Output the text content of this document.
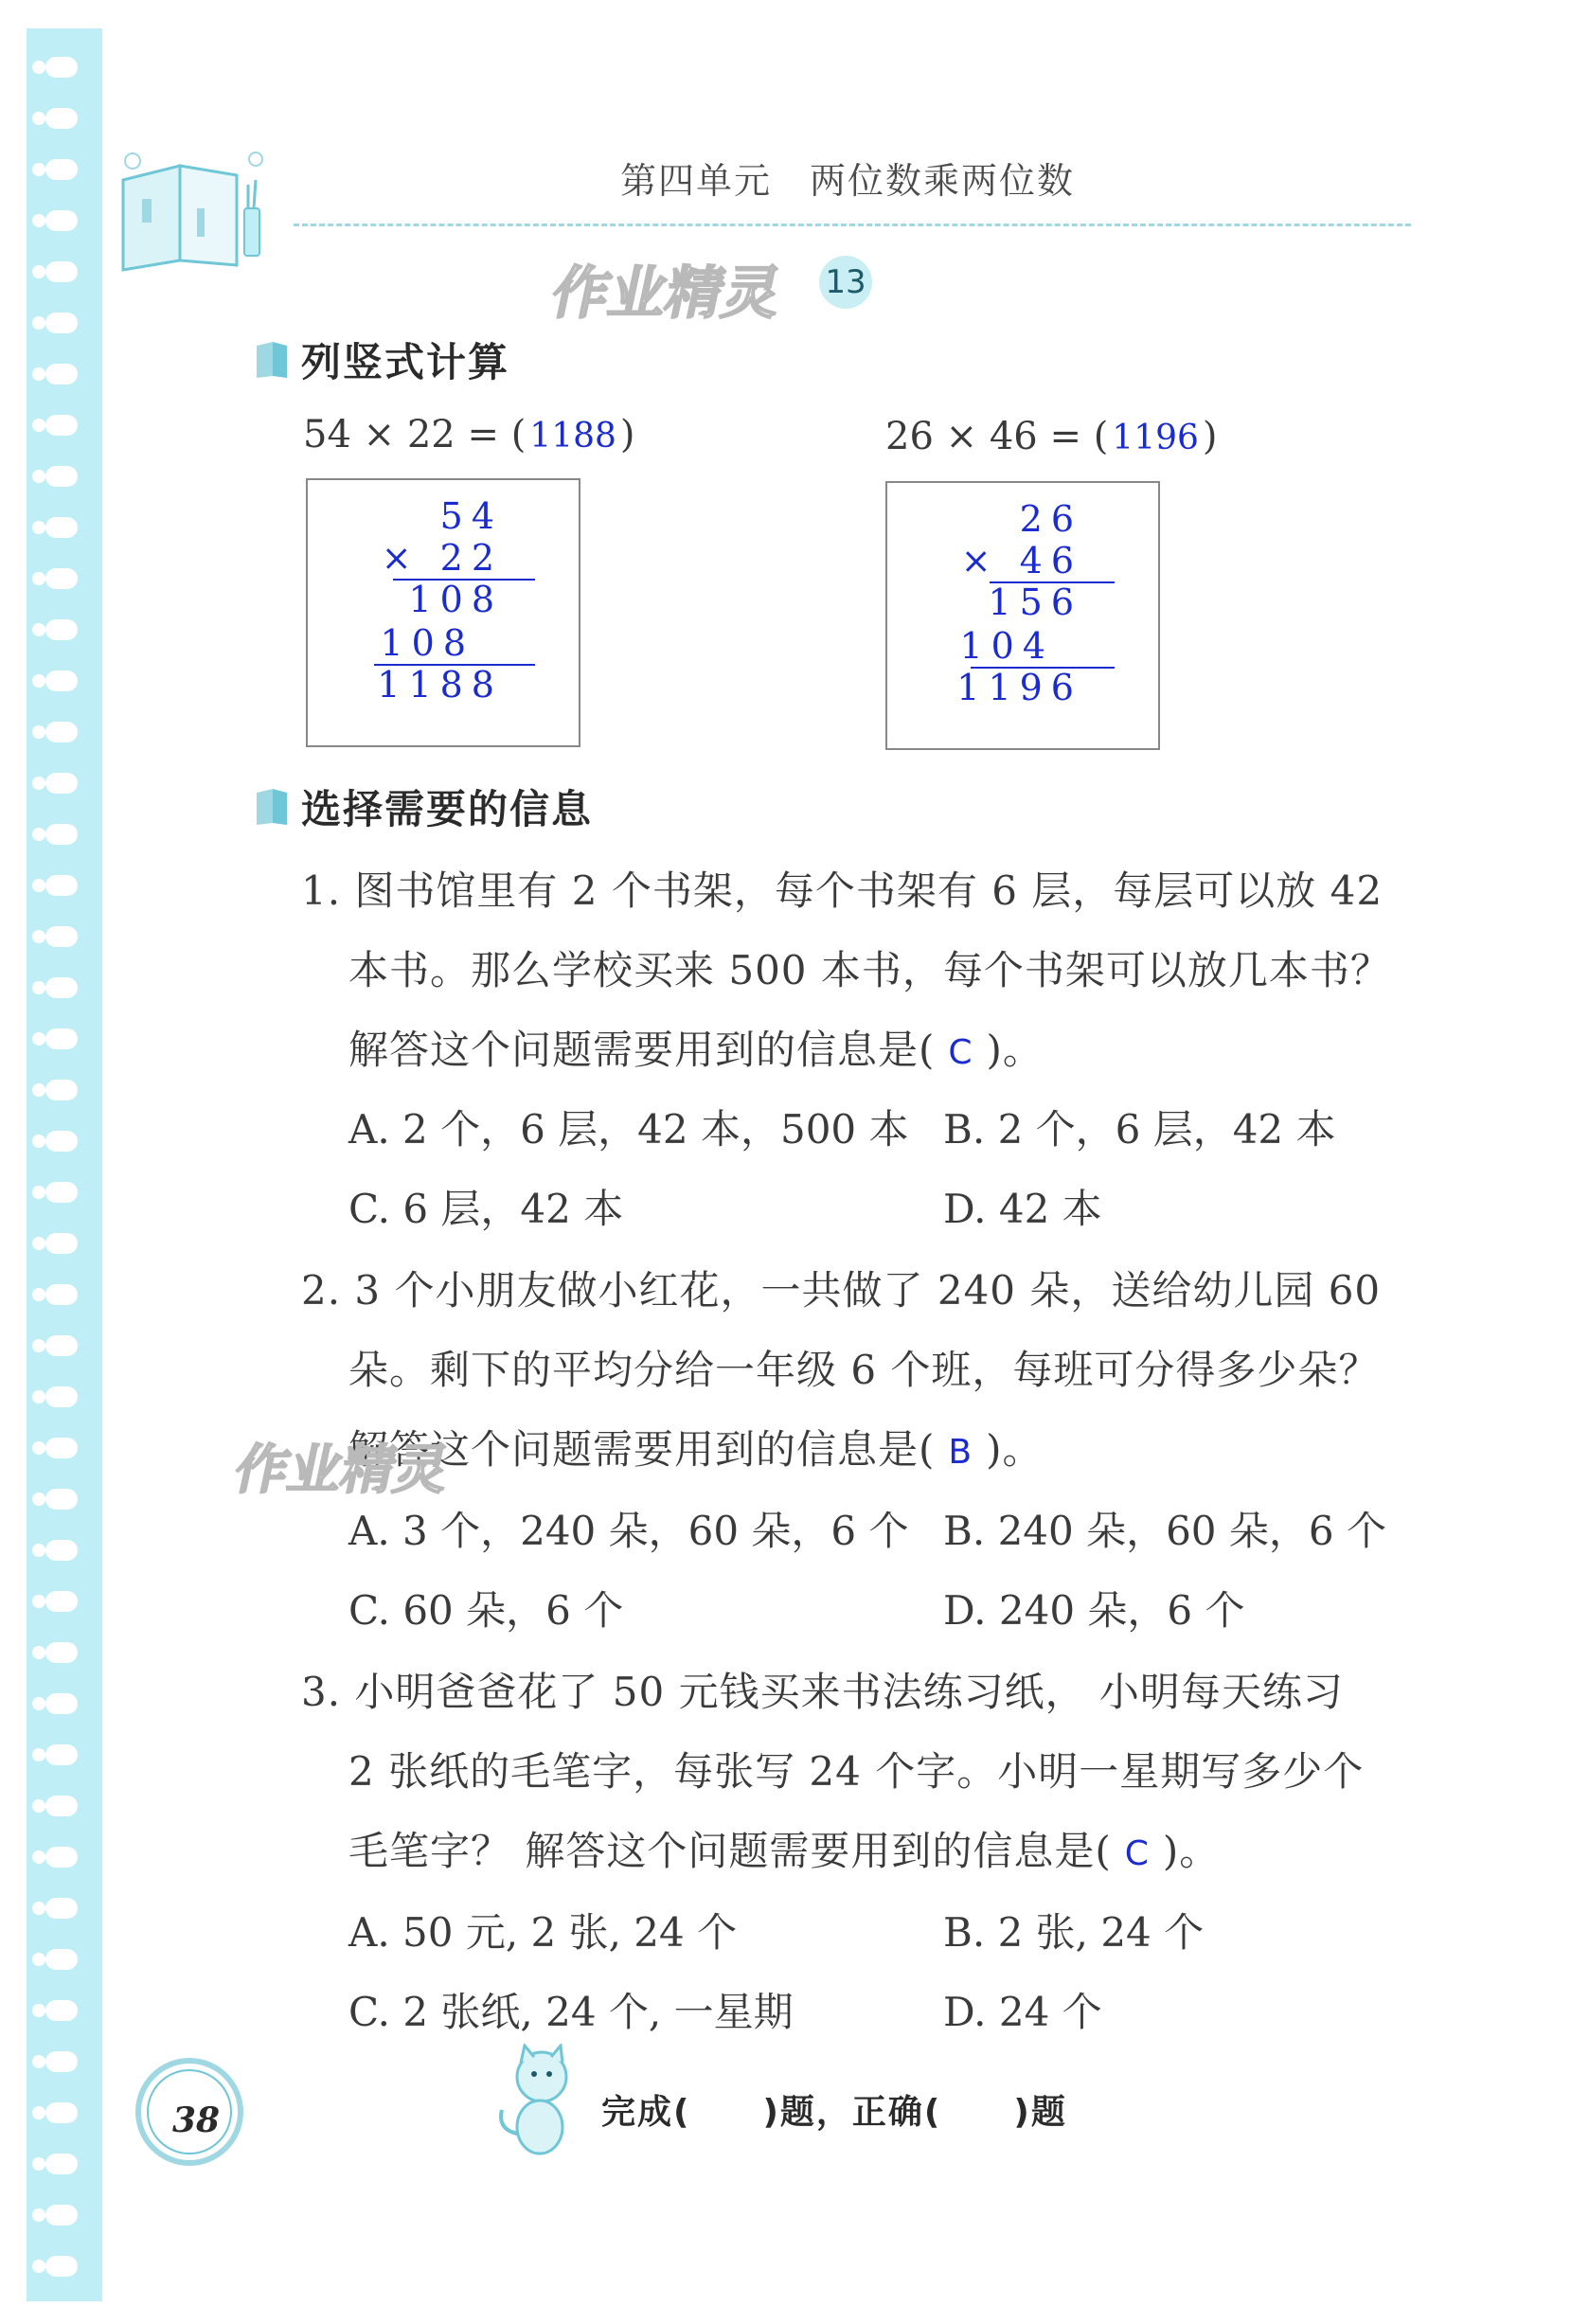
第四单元　两位数乘两位数
作业精灵 13
列竖式计算
54 × 22 = ( 1188 )	26 × 46 = ( 1196 )
54
× 22
108
108
1188
26
× 46
156
104
1196
选择需要的信息
1. 图书馆里有 2 个书架，每个书架有 6 层，每层可以放 42
本书。那么学校买来 500 本书，每个书架可以放几本书？
解答这个问题需要用到的信息是( C )。
A. 2 个，6 层，42 本，500 本 B. 2 个，6 层，42 本
C. 6 层，42 本	D. 42 本
2. 3 个小朋友做小红花，一共做了 240 朵，送给幼儿园 60
朵。剩下的平均分给一年级 6 个班，每班可分得多少朵？
解答这个问题需要用到的信息是( B )。
作业精灵
A. 3 个，240 朵，60 朵，6 个 B. 240 朵，60 朵，6 个
C. 60 朵，6 个	D. 240 朵，6 个
3. 小明爸爸花了 50 元钱买来书法练习纸， 小明每天练习
2 张纸的毛笔字，每张写 24 个字。小明一星期写多少个
毛笔字？ 解答这个问题需要用到的信息是( C )。
A. 50 元, 2 张, 24 个	B. 2 张, 24 个
C. 2 张纸, 24 个, 一星期	D. 24 个
38	完成(　　)题，正确(　　)题
